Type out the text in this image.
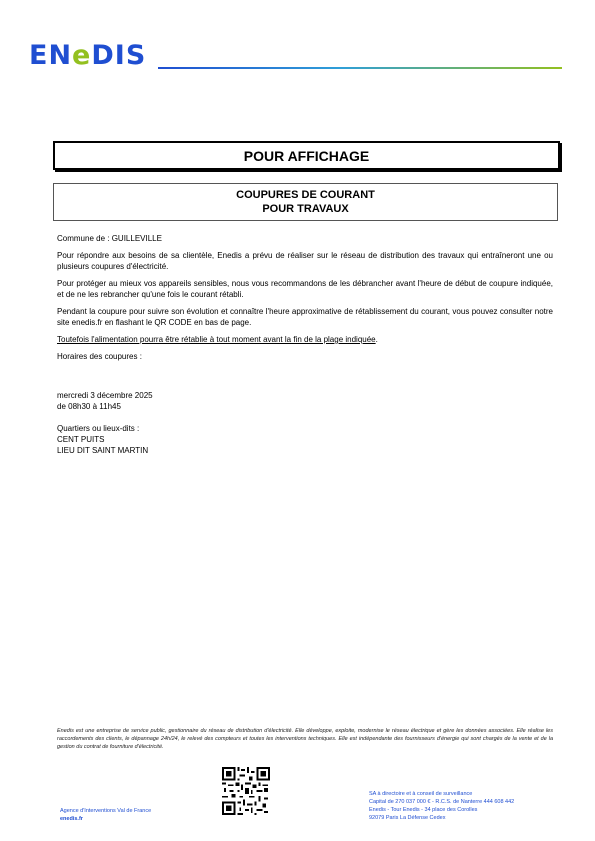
ENeDIS
POUR AFFICHAGE
COUPURES DE COURANT
POUR TRAVAUX

Commune de : GUILLEVILLE

Pour répondre aux besoins de sa clientèle, Enedis a prévu de réaliser sur le réseau de distribution des travaux qui entraîneront une ou plusieurs coupures d'électricité.

Pour protéger au mieux vos appareils sensibles, nous vous recommandons de les débrancher avant l'heure de début de coupure indiquée, et de ne les rebrancher qu'une fois le courant rétabli.

Pendant la coupure pour suivre son évolution et connaître l'heure approximative de rétablissement du courant, vous pouvez consulter notre site enedis.fr en flashant le QR CODE en bas de page.

Toutefois l'alimentation pourra être rétablie à tout moment avant la fin de la plage indiquée.

Horaires des coupures :

mercredi 3 décembre 2025
de 08h30 à 11h45
Quartiers ou lieux-dits :
CENT PUITS
LIEU DIT SAINT MARTIN
Enedis est une entreprise de service public, gestionnaire du réseau de distribution d'électricité. Elle développe, exploite, modernise le réseau électrique et gère les données associées. Elle réalise les raccordements des clients, le dépannage 24h/24, le relevé des compteurs et toutes les interventions techniques. Elle est indépendante des fournisseurs d'énergie qui sont chargés de la vente et de la gestion du contrat de fourniture d'électricité.
Agence d'Interventions Val de France
enedis.fr
SA à directoire et à conseil de surveillance
Capital de 270 037 000 € - R.C.S. de Nanterre 444 608 442
Enedis - Tour Enedis - 34 place des Corolles
92079 Paris La Défense Cedex
